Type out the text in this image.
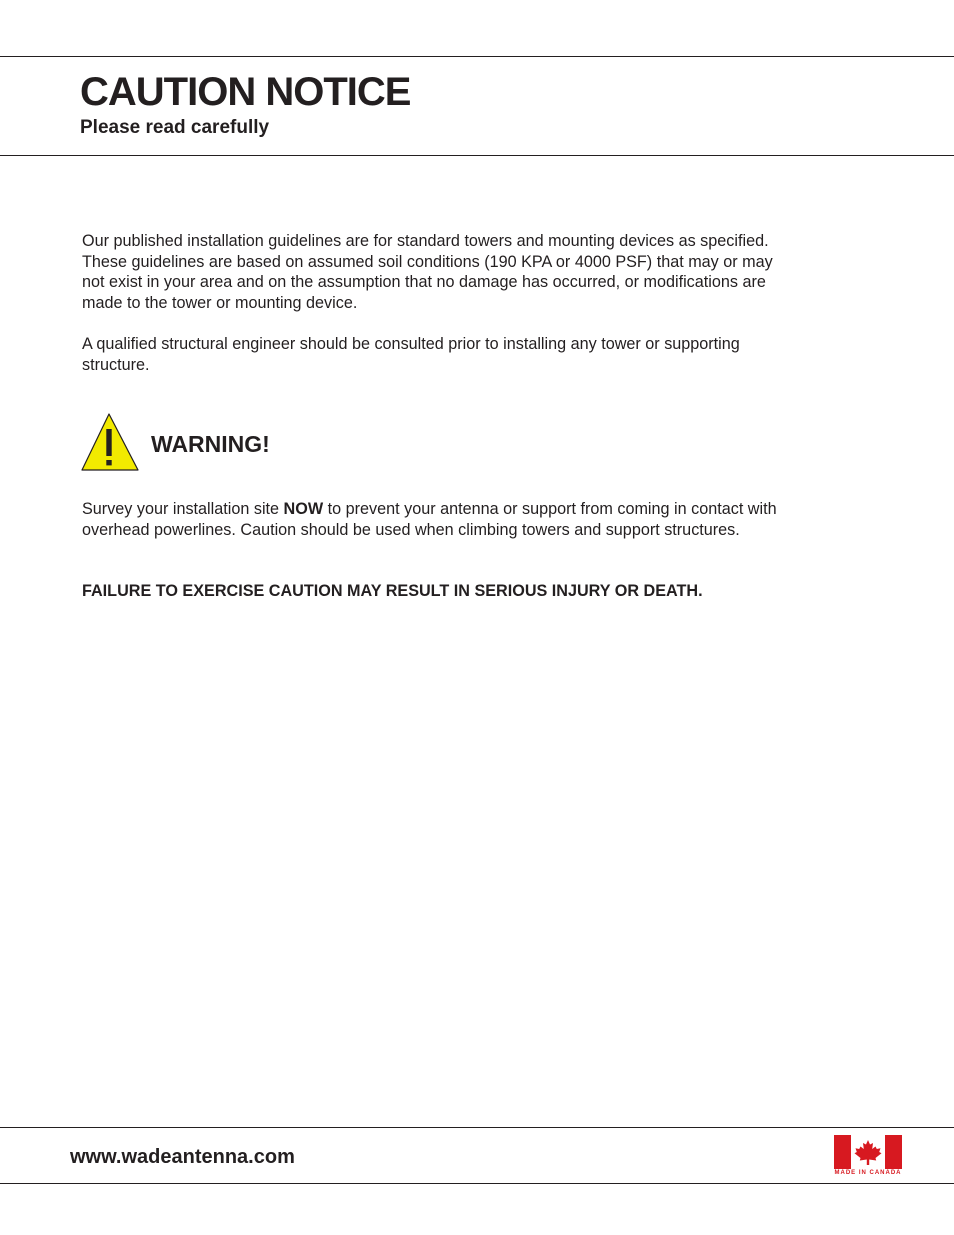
CAUTION NOTICE
Please read carefully

Our published installation guidelines are for standard towers and mounting devices as specified. These guidelines are based on assumed soil conditions (190 KPA or 4000 PSF) that may or may not exist in your area and on the assumption that no damage has occurred, or modifications are made to the tower or mounting device.

A qualified structural engineer should be consulted prior to installing any tower or supporting structure.

WARNING!

Survey your installation site NOW to prevent your antenna or support from coming in contact with overhead powerlines. Caution should be used when climbing towers and support structures.

FAILURE TO EXERCISE CAUTION MAY RESULT IN SERIOUS INJURY OR DEATH.

www.wadeantenna.com

MADE IN CANADA
